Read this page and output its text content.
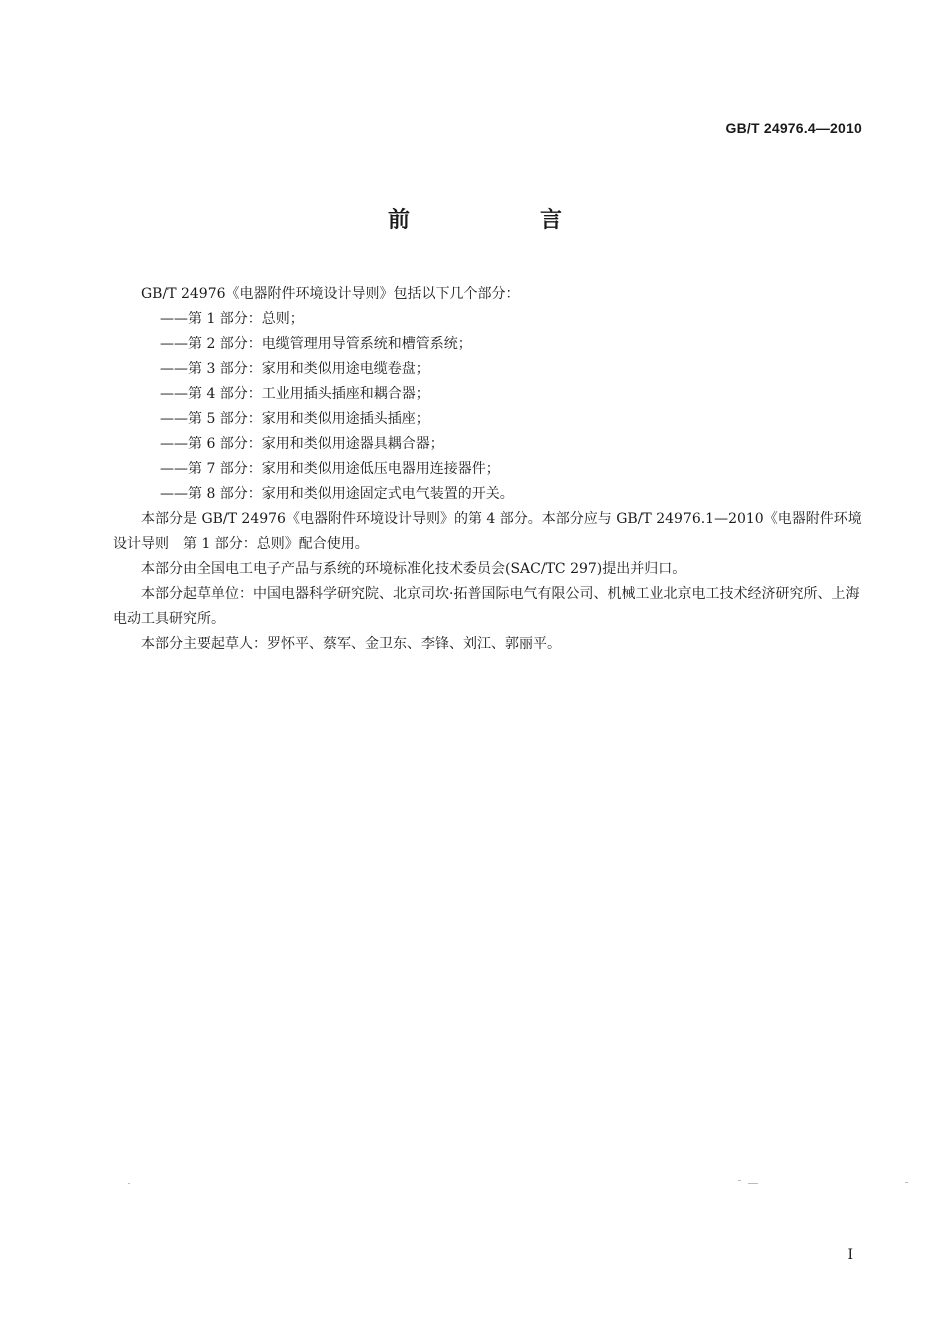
GB/T 24976.4—2010
前　言

GB/T 24976《电器附件环境设计导则》包括以下几个部分：

——第 1 部分：总则；

——第 2 部分：电缆管理用导管系统和槽管系统；

——第 3 部分：家用和类似用途电缆卷盘；

——第 4 部分：工业用插头插座和耦合器；

——第 5 部分：家用和类似用途插头插座；

——第 6 部分：家用和类似用途器具耦合器；

——第 7 部分：家用和类似用途低压电器用连接器件；

——第 8 部分：家用和类似用途固定式电气装置的开关。

本部分是 GB/T 24976《电器附件环境设计导则》的第 4 部分。本部分应与 GB/T 24976.1—2010《电器附件环境设计导则　第 1 部分：总则》配合使用。

本部分由全国电工电子产品与系统的环境标准化技术委员会(SAC/TC 297)提出并归口。

本部分起草单位：中国电器科学研究院、北京司坎·拓普国际电气有限公司、机械工业北京电工技术经济研究所、上海电动工具研究所。

本部分主要起草人：罗怀平、蔡军、金卫东、李锋、刘江、郭丽平。

I
